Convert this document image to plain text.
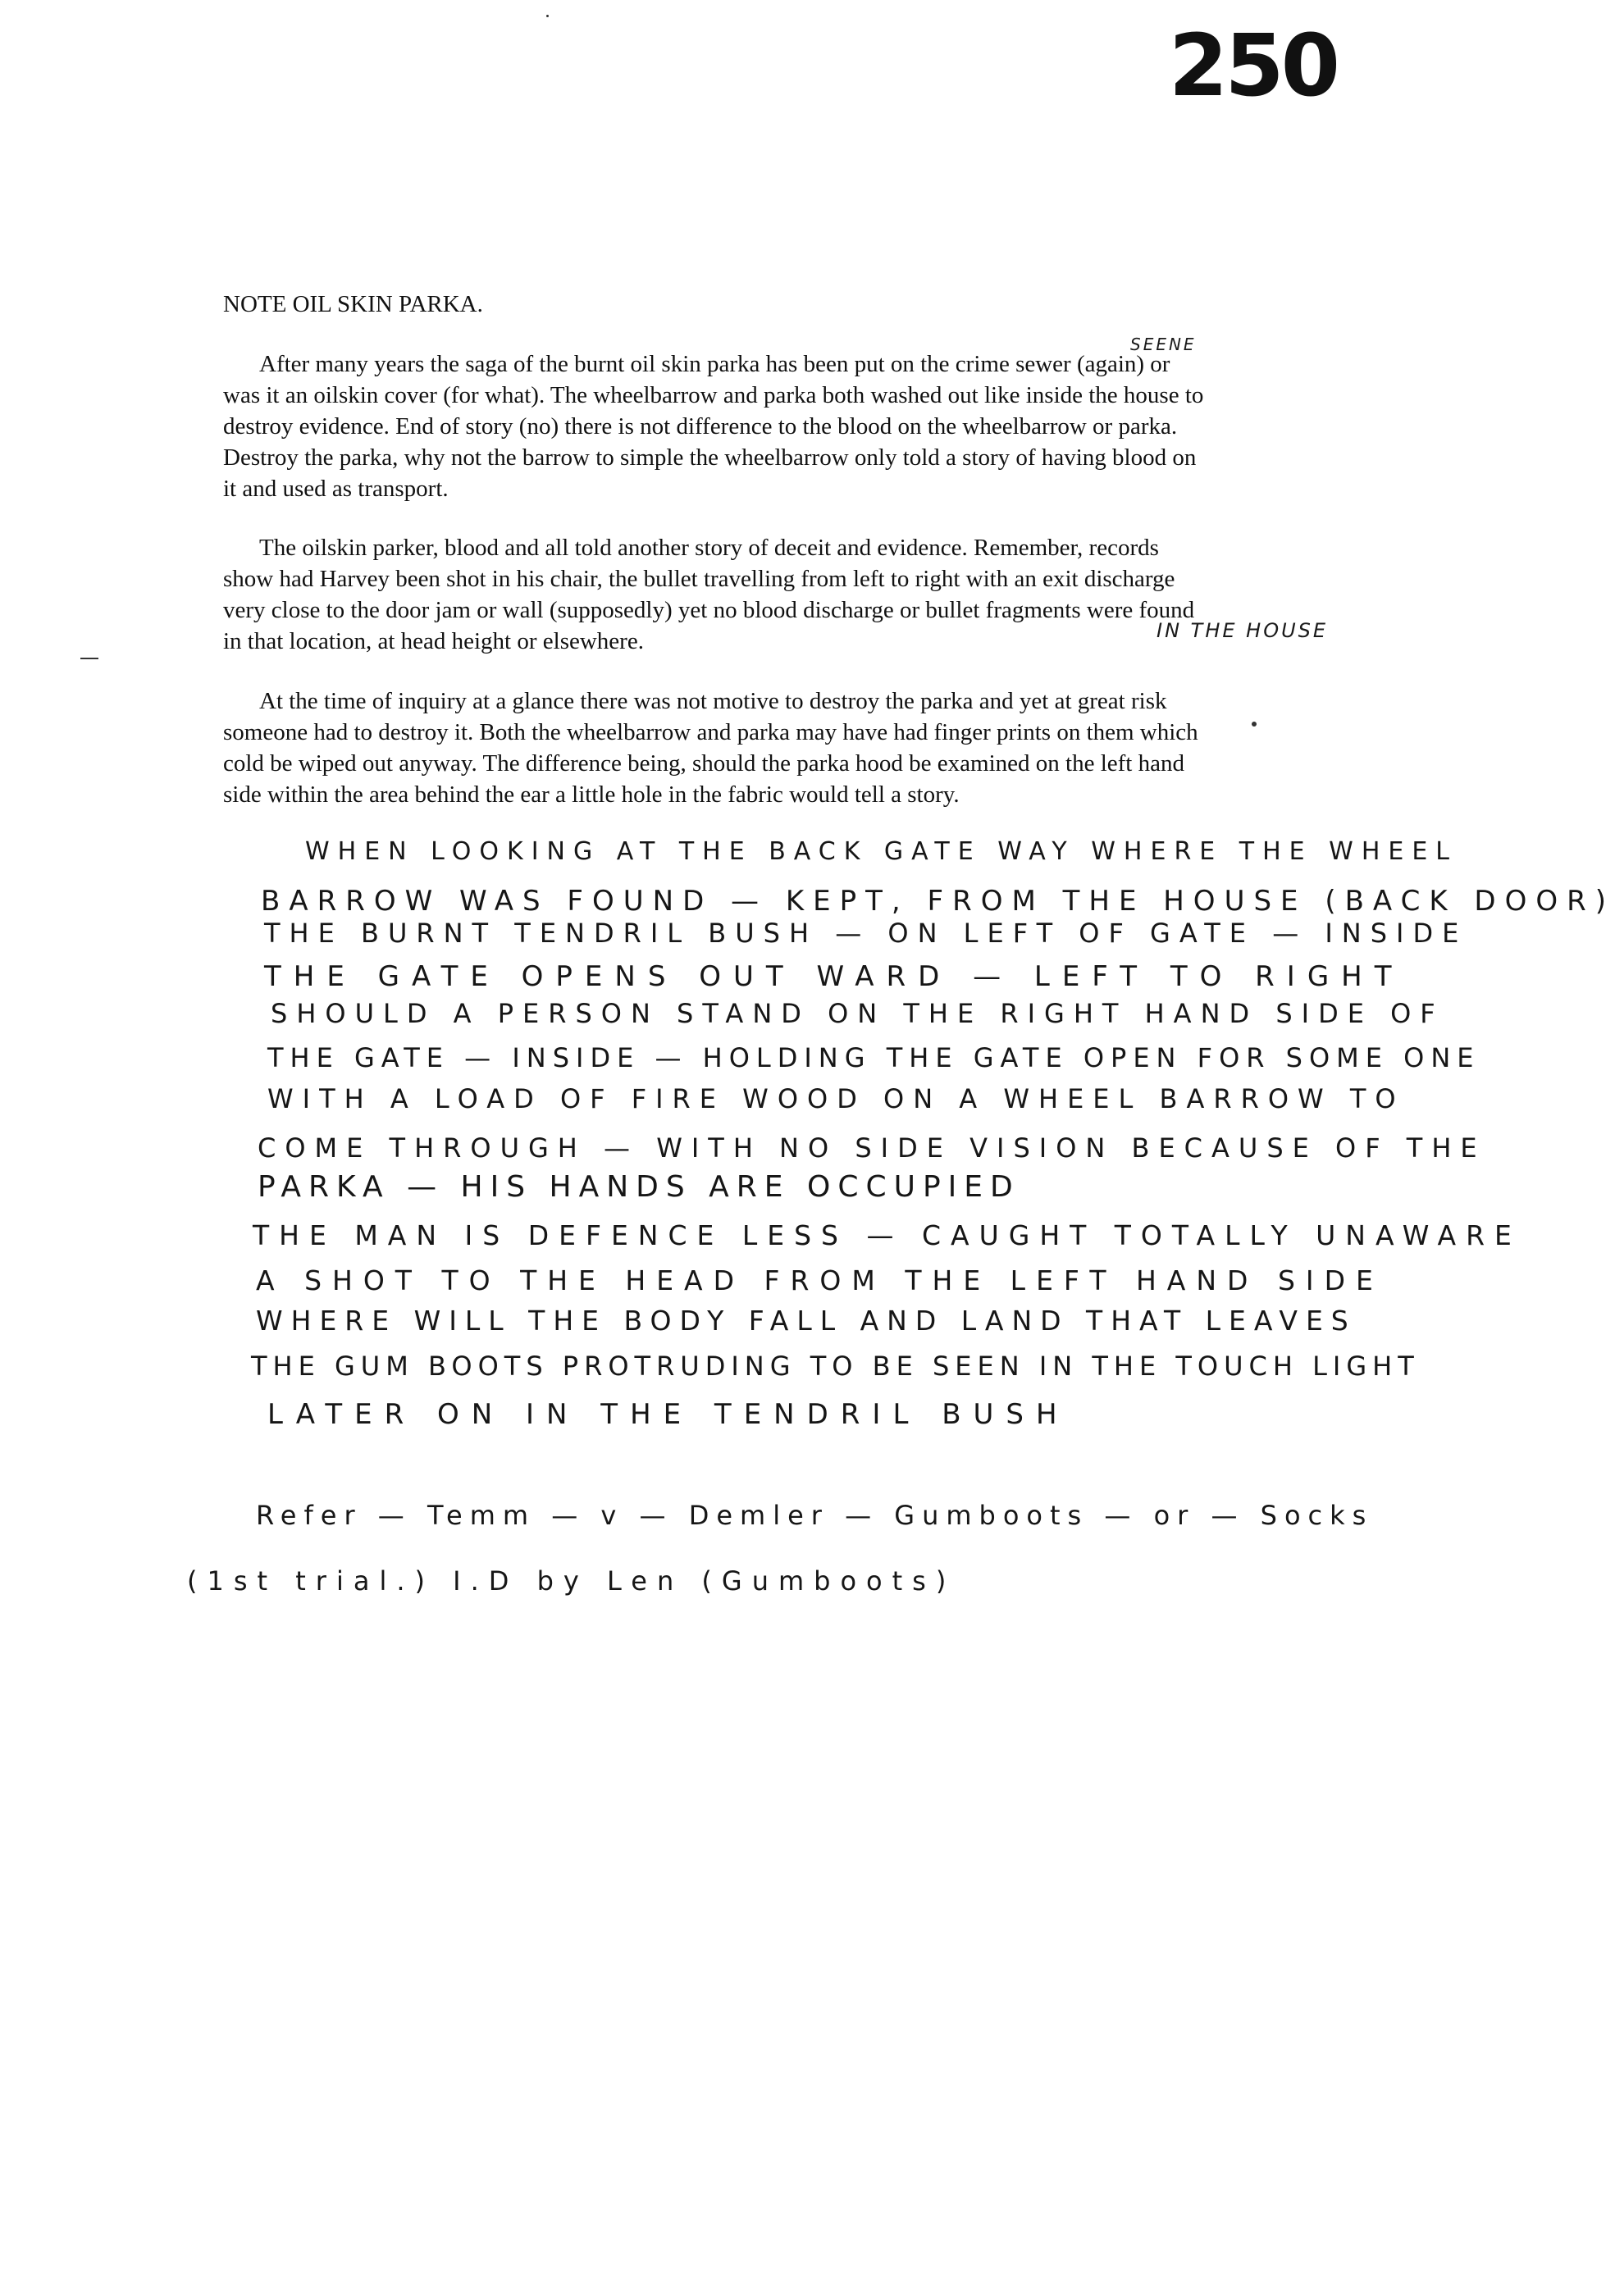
250
NOTE OIL SKIN PARKA.
After many years the saga of the burnt oil skin parka has been put on the crime sewer (again) or was it an oilskin cover (for what). The wheelbarrow and parka both washed out like inside the house to destroy evidence. End of story (no) there is not difference to the blood on the wheelbarrow or parka. Destroy the parka, why not the barrow to simple the wheelbarrow only told a story of having blood on it and used as transport.
The oilskin parker, blood and all told another story of deceit and evidence. Remember, records show had Harvey been shot in his chair, the bullet travelling from left to right with an exit discharge very close to the door jam or wall (supposedly) yet no blood discharge or bullet fragments were found in that location, at head height or elsewhere.
At the time of inquiry at a glance there was not motive to destroy the parka and yet at great risk someone had to destroy it. Both the wheelbarrow and parka may have had finger prints on them which cold be wiped out anyway. The difference being, should the parka hood be examined on the left hand side within the area behind the ear a little hole in the fabric would tell a story.
SEENE
IN THE HOUSE
WHEN LOOKING AT THE BACK GATE WAY WHERE THE WHEEL
BARROW WAS FOUND — KEPT, FROM THE HOUSE (BACK DOOR)
THE BURNT TENDRIL BUSH — ON LEFT OF GATE — INSIDE
THE GATE OPENS OUT WARD — LEFT TO RIGHT
SHOULD A PERSON STAND ON THE RIGHT HAND SIDE OF
THE GATE — INSIDE — HOLDING THE GATE OPEN FOR SOME ONE
WITH A LOAD OF FIRE WOOD ON A WHEEL BARROW TO
COME THROUGH — WITH NO SIDE VISION BECAUSE OF THE
PARKA — HIS HANDS ARE OCCUPIED
THE MAN IS DEFENCE LESS — CAUGHT TOTALLY UNAWARE
A SHOT TO THE HEAD FROM THE LEFT HAND SIDE
WHERE WILL THE BODY FALL AND LAND THAT LEAVES
THE GUM BOOTS PROTRUDING TO BE SEEN IN THE TOUCH LIGHT
LATER ON IN THE TENDRIL BUSH
Refer — Temm — v — Demler — Gumboots — or — Socks
(1st trial.) I.D by Len (Gumboots)
